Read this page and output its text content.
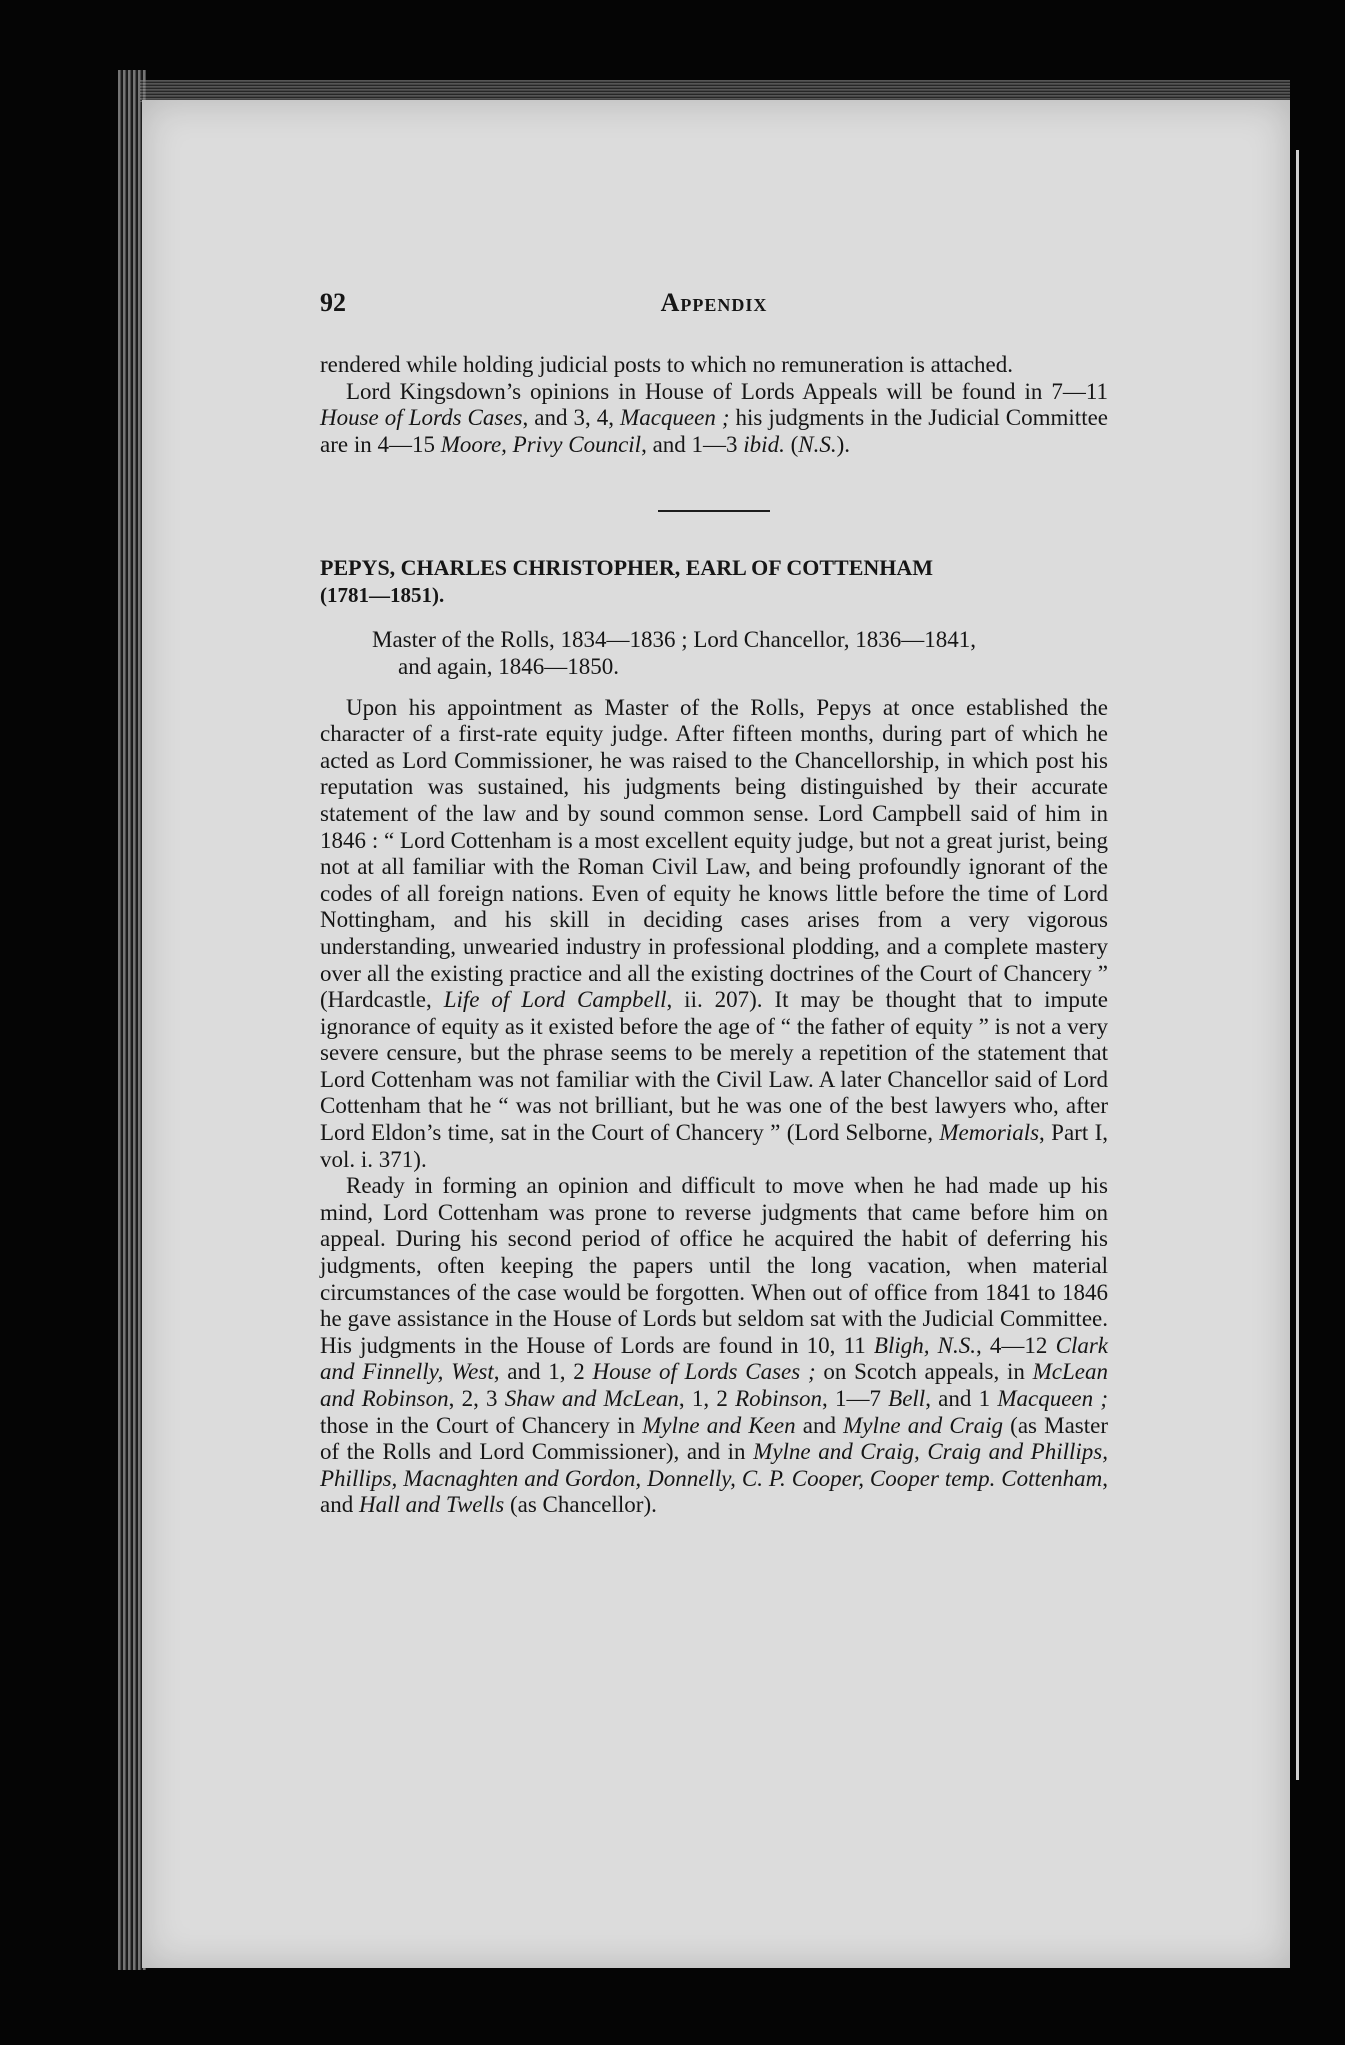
92	Appendix

rendered while holding judicial posts to which no remuneration is attached.

Lord Kingsdown’s opinions in House of Lords Appeals will be found in 7—11 House of Lords Cases, and 3, 4, Macqueen ; his judgments in the Judicial Committee are in 4—15 Moore, Privy Council, and 1—3 ibid. (N.S.).

PEPYS, CHARLES CHRISTOPHER, EARL OF COTTENHAM
(1781—1851).
Master of the Rolls, 1834—1836 ; Lord Chancellor, 1836—1841,
and again, 1846—1850.

Upon his appointment as Master of the Rolls, Pepys at once established the character of a first-rate equity judge. After fifteen months, during part of which he acted as Lord Commissioner, he was raised to the Chancellorship, in which post his reputation was sustained, his judgments being distinguished by their accurate statement of the law and by sound common sense. Lord Campbell said of him in 1846 : “ Lord Cottenham is a most excellent equity judge, but not a great jurist, being not at all familiar with the Roman Civil Law, and being profoundly ignorant of the codes of all foreign nations. Even of equity he knows little before the time of Lord Nottingham, and his skill in deciding cases arises from a very vigorous understanding, unwearied industry in professional plodding, and a complete mastery over all the existing practice and all the existing doctrines of the Court of Chancery ” (Hardcastle, Life of Lord Campbell, ii. 207). It may be thought that to impute ignorance of equity as it existed before the age of “ the father of equity ” is not a very severe censure, but the phrase seems to be merely a repetition of the statement that Lord Cottenham was not familiar with the Civil Law. A later Chancellor said of Lord Cottenham that he “ was not brilliant, but he was one of the best lawyers who, after Lord Eldon’s time, sat in the Court of Chancery ” (Lord Selborne, Memorials, Part I, vol. i. 371).

Ready in forming an opinion and difficult to move when he had made up his mind, Lord Cottenham was prone to reverse judgments that came before him on appeal. During his second period of office he acquired the habit of deferring his judgments, often keeping the papers until the long vacation, when material circumstances of the case would be forgotten. When out of office from 1841 to 1846 he gave assistance in the House of Lords but seldom sat with the Judicial Committee. His judgments in the House of Lords are found in 10, 11 Bligh, N.S., 4—12 Clark and Finnelly, West, and 1, 2 House of Lords Cases ; on Scotch appeals, in McLean and Robinson, 2, 3 Shaw and McLean, 1, 2 Robinson, 1—7 Bell, and 1 Macqueen ; those in the Court of Chancery in Mylne and Keen and Mylne and Craig (as Master of the Rolls and Lord Commissioner), and in Mylne and Craig, Craig and Phillips, Phillips, Macnaghten and Gordon, Donnelly, C. P. Cooper, Cooper temp. Cottenham, and Hall and Twells (as Chancellor).
